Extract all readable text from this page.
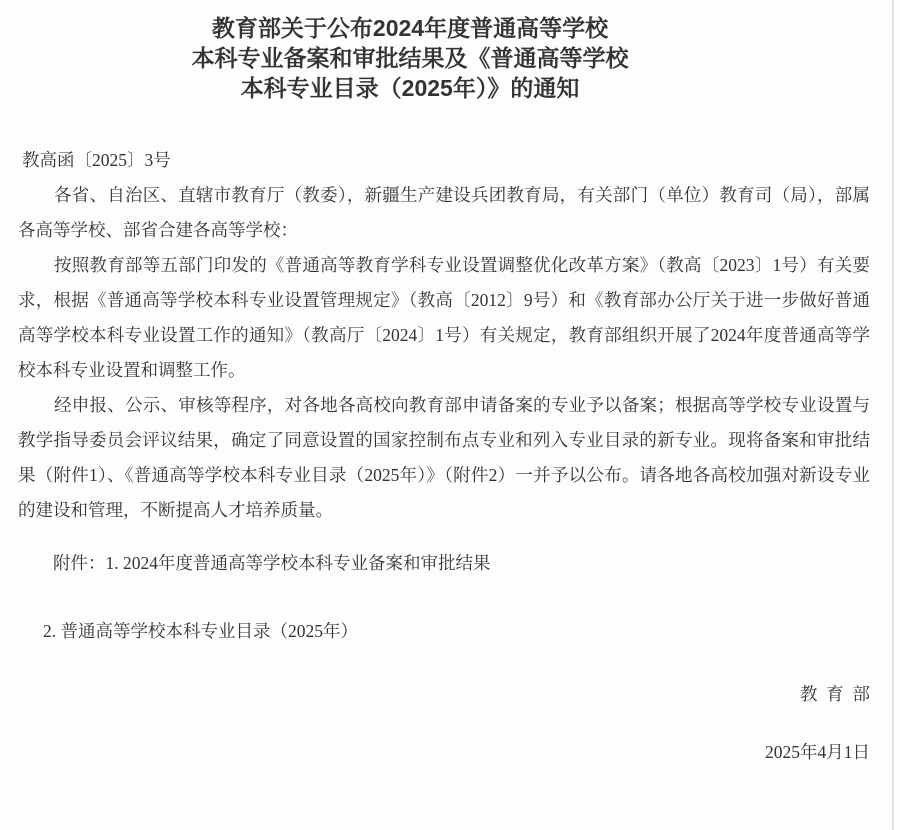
教育部关于公布2024年度普通高等学校
本科专业备案和审批结果及《普通高等学校
本科专业目录（2025年）》的通知
教高函〔2025〕3号

各省、自治区、直辖市教育厅（教委），新疆生产建设兵团教育局，有关部门（单位）教育司（局），部属各高等学校、部省合建各高等学校：

按照教育部等五部门印发的《普通高等教育学科专业设置调整优化改革方案》（教高〔2023〕1号）有关要求，根据《普通高等学校本科专业设置管理规定》（教高〔2012〕9号）和《教育部办公厅关于进一步做好普通高等学校本科专业设置工作的通知》（教高厅〔2024〕1号）有关规定，教育部组织开展了2024年度普通高等学校本科专业设置和调整工作。

经申报、公示、审核等程序，对各地各高校向教育部申请备案的专业予以备案；根据高等学校专业设置与教学指导委员会评议结果，确定了同意设置的国家控制布点专业和列入专业目录的新专业。现将备案和审批结果（附件1）、《普通高等学校本科专业目录（2025年）》（附件2）一并予以公布。请各地各高校加强对新设专业的建设和管理，不断提高人才培养质量。

附件：1. 2024年度普通高等学校本科专业备案和审批结果
2. 普通高等学校本科专业目录（2025年）
教 育 部
2025年4月1日
